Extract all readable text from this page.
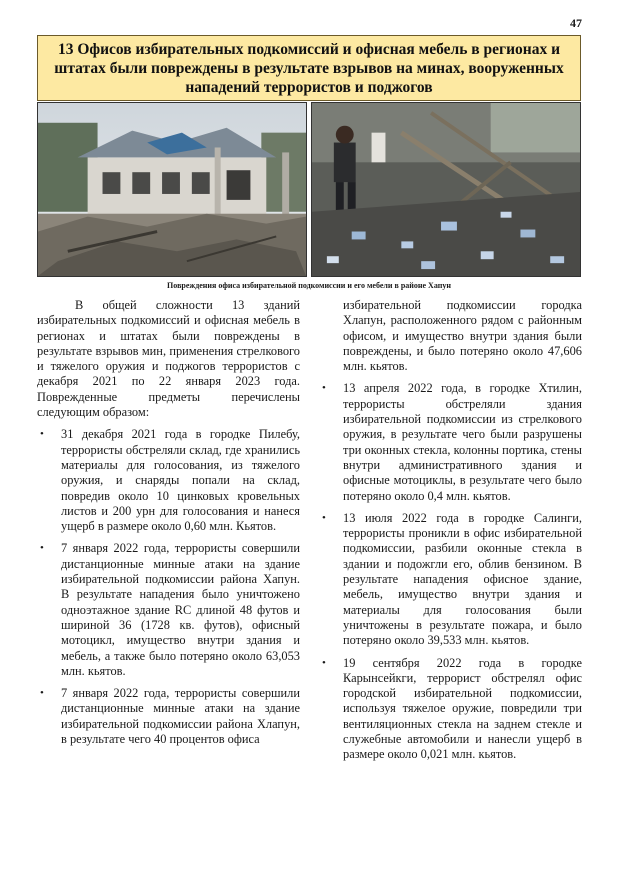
47
13 Офисов избирательных подкомиссий и офисная мебель в регионах и штатах были повреждены в результате взрывов на минах, вооруженных нападений террористов и поджогов
Повреждения офиса избирательной подкомиссии и его мебели в районе Хапун

В общей сложности 13 зданий избирательных подкомиссий и офисная мебель в регионах и штатах были повреждены в результате взрывов мин, применения стрелкового и тяжелого оружия и поджогов террористов с декабря 2021 по 22 января 2023 года. Поврежденные предметы перечислены следующим образом:

• 31 декабря 2021 года в городке Пилебу, террористы обстреляли склад, где хранились материалы для голосования, из тяжелого оружия, и снаряды попали на склад, повредив около 10 цинковых кровельных листов и 200 урн для голосования и нанеся ущерб в размере около 0,60 млн. Кьятов.
• 7 января 2022 года, террористы совершили дистанционные минные атаки на здание избирательной подкомиссии района Хапун. В результате нападения было уничтожено одноэтажное здание RC длиной 48 футов и шириной 36 (1728 кв. футов), офисный мотоцикл, имущество внутри здания и мебель, а также было потеряно около 63,053 млн. кьятов.
• 7 января 2022 года, террористы совершили дистанционные минные атаки на здание избирательной подкомиссии района Хлапун, в результате чего 40 процентов офиса

избирательной подкомиссии городка Хлапун, расположенного рядом с районным офисом, и имущество внутри здания были повреждены, и было потеряно около 47,606 млн. кьятов.

• 13 апреля 2022 года, в городке Хтилин, террористы обстреляли здания избирательной подкомиссии из стрелкового оружия, в результате чего были разрушены три оконных стекла, колонны портика, стены внутри административного здания и офисные мотоциклы, в результате чего было потеряно около 0,4 млн. кьятов.
• 13 июля 2022 года в городке Салинги, террористы проникли в офис избирательной подкомиссии, разбили оконные стекла в здании и подожгли его, облив бензином. В результате нападения офисное здание, мебель, имущество внутри здания и материалы для голосования были уничтожены в результате пожара, и было потеряно около 39,533 млн. кьятов.
• 19 сентября 2022 года в городке Карынсейкги, террорист обстрелял офис городской избирательной подкомиссии, используя тяжелое оружие, повредили три вентиляционных стекла на заднем стекле и служебные автомобили и нанесли ущерб в размере около 0,021 млн. кьятов.
